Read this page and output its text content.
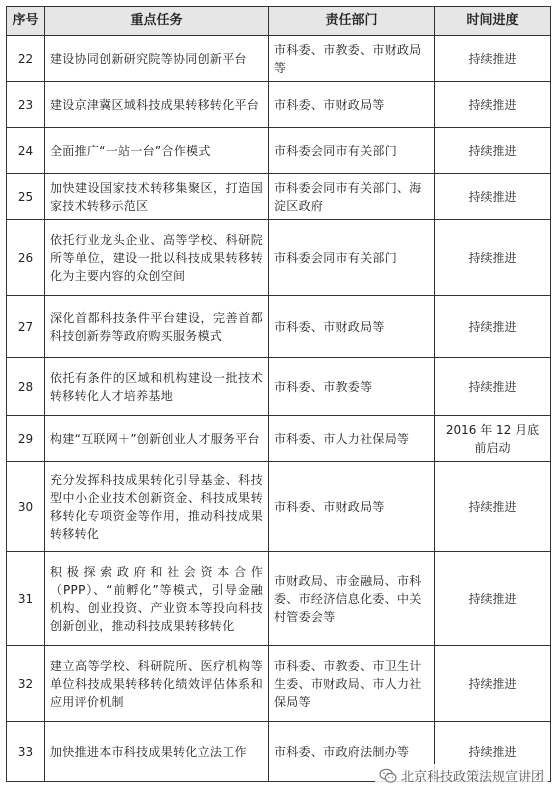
序号	重点任务	责任部门	时间进度
22	建设协同创新研究院等协同创新平台	市科委、市教委、市财政局等	持续推进
23	建设京津冀区域科技成果转移转化平台	市科委、市财政局等	持续推进
24	全面推广“一站一台”合作模式	市科委会同市有关部门	持续推进
25	加快建设国家技术转移集聚区，打造国家技术转移示范区	市科委会同市有关部门、海淀区政府	持续推进
26	依托行业龙头企业、高等学校、科研院所等单位，建设一批以科技成果转移转化为主要内容的众创空间	市科委会同市有关部门	持续推进
27	深化首都科技条件平台建设，完善首都科技创新券等政府购买服务模式	市科委、市财政局等	持续推进
28	依托有条件的区域和机构建设一批技术转移转化人才培养基地	市科委、市教委等	持续推进
29	构建“互联网＋”创新创业人才服务平台	市科委、市人力社保局等	2016 年 12 月底前启动
30	充分发挥科技成果转化引导基金、科技型中小企业技术创新资金、科技成果转移转化专项资金等作用，推动科技成果转移转化	市科委、市财政局等	持续推进
31	积极探索政府和社会资本合作（PPP）、“前孵化”等模式，引导金融机构、创业投资、产业资本等投向科技创新创业，推动科技成果转移转化	市财政局、市金融局、市科委、市经济信息化委、中关村管委会等	持续推进
32	建立高等学校、科研院所、医疗机构等单位科技成果转移转化绩效评估体系和应用评价机制	市科委、市教委、市卫生计生委、市财政局、市人力社保局等	持续推进
33	加快推进本市科技成果转化立法工作	市科委、市政府法制办等	持续推进
北京科技政策法规宣讲团
